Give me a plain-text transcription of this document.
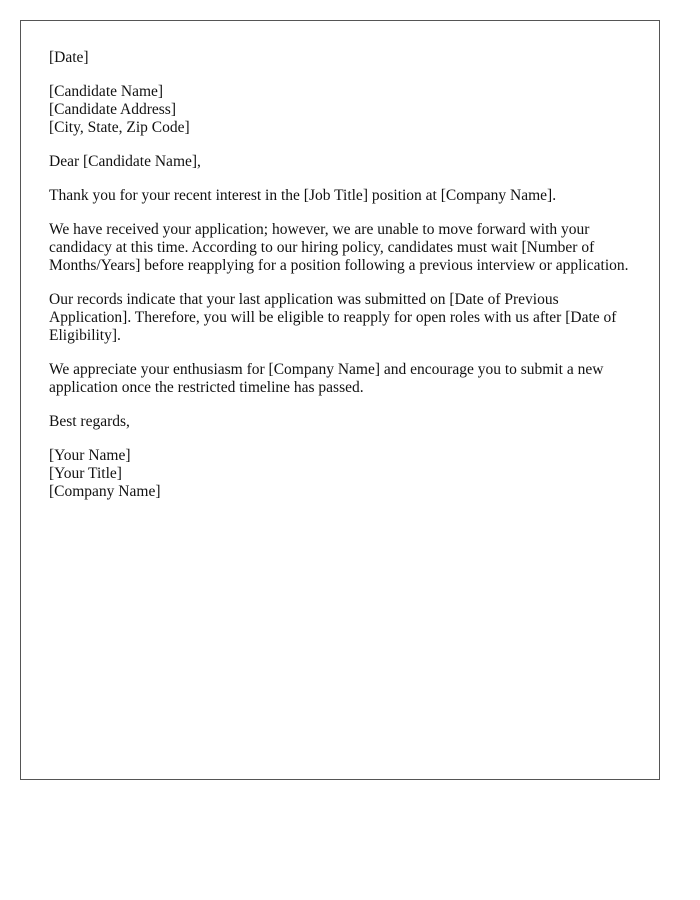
[Date]
[Candidate Name]
[Candidate Address]
[City, State, Zip Code]

Dear [Candidate Name],

Thank you for your recent interest in the [Job Title] position at [Company Name].

We have received your application; however, we are unable to move forward with your candidacy at this time. According to our hiring policy, candidates must wait [Number of Months/Years] before reapplying for a position following a previous interview or application.

Our records indicate that your last application was submitted on [Date of Previous Application]. Therefore, you will be eligible to reapply for open roles with us after [Date of Eligibility].

We appreciate your enthusiasm for [Company Name] and encourage you to submit a new application once the restricted timeline has passed.

Best regards,

[Your Name]
[Your Title]
[Company Name]
